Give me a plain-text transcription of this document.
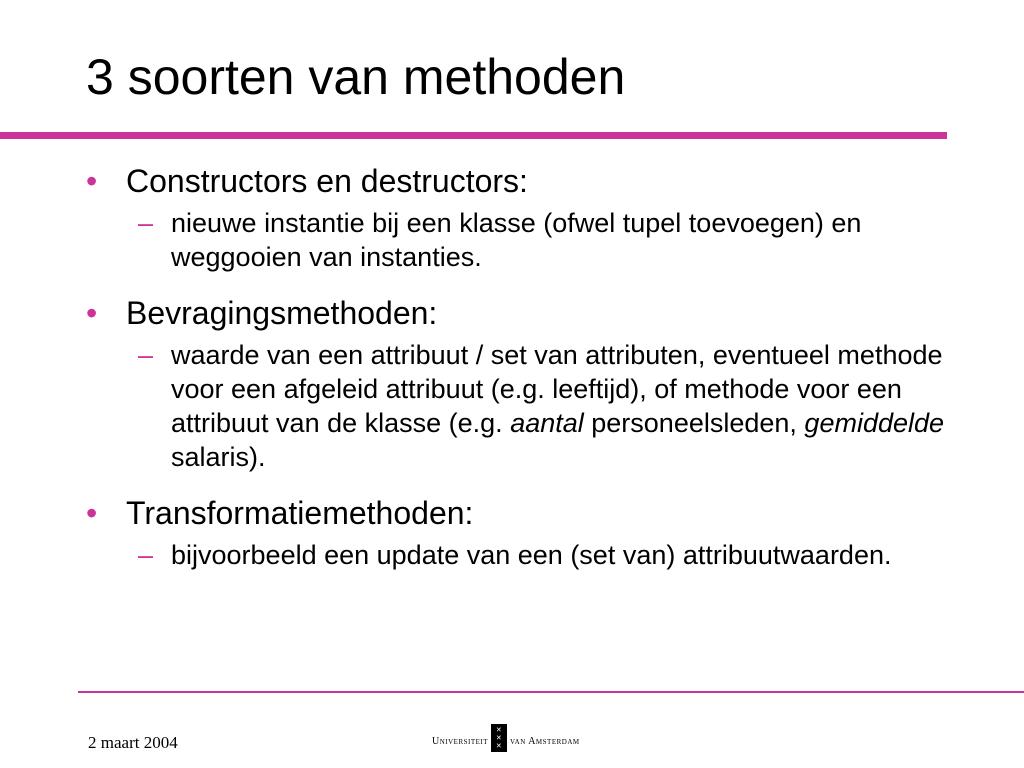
3 soorten van methoden
• Constructors en destructors:
– nieuwe instantie bij een klasse (ofwel tupel toevoegen) en weggooien van instanties.
• Bevragingsmethoden:
– waarde van een attribuut / set van attributen, eventueel methode voor een afgeleid attribuut (e.g. leeftijd), of methode voor een attribuut van de klasse (e.g. aantal personeelsleden, gemiddelde salaris).
• Transformatiemethoden:
– bijvoorbeeld een update van een (set van) attribuutwaarden.
2 maart 2004	Universiteit
✕
✕
✕ van Amsterdam
